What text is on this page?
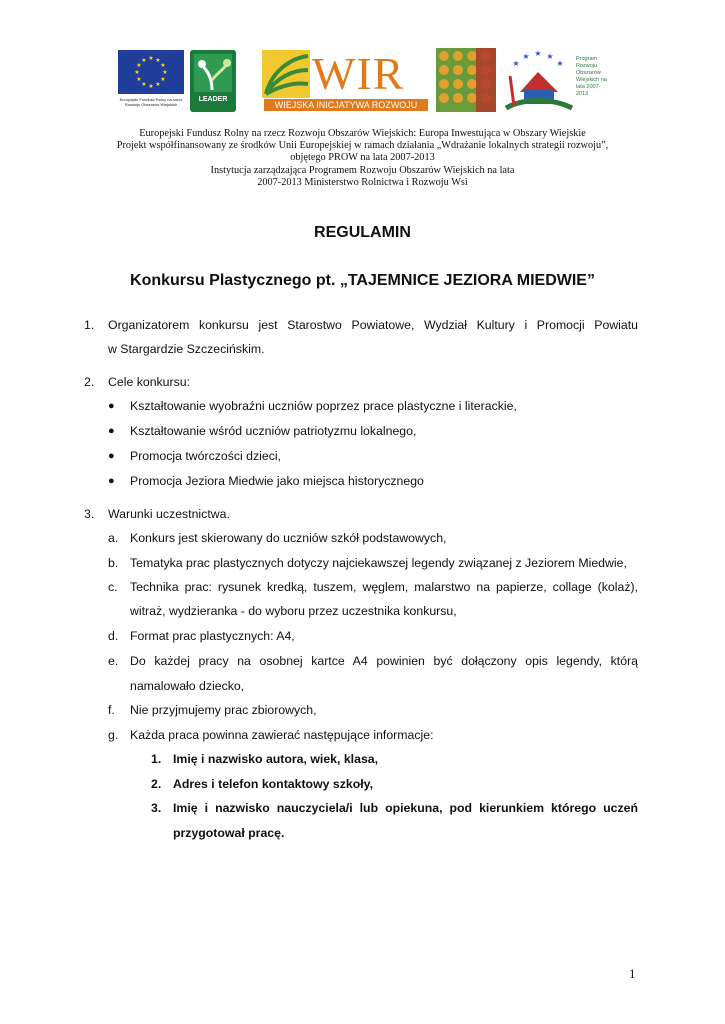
★ ★
★
★
★
★
★
★
★
★
★
★
Europejski Fundusz Rolny na rzecz Rozwoju Obszarów Wiejskich
LEADER
WIR
WIEJSKA INICJATYWA ROZWOJU
★ ★
★
★
★	Program Rozwoju Obszarów Wiejskich na lata 2007-2013
Europejski Fundusz Rolny na rzecz Rozwoju Obszarów Wiejskich: Europa Inwestująca w Obszary Wiejskie
Projekt współfinansowany ze środków Unii Europejskiej w ramach działania „Wdrażanie lokalnych strategii rozwoju”,
objętego PROW na lata 2007-2013
Instytucja zarządzająca Programem Rozwoju Obszarów Wiejskich na lata
2007-2013 Ministerstwo Rolnictwa i Rozwoju Wsi
REGULAMIN
Konkursu Plastycznego pt. „TAJEMNICE JEZIORA MIEDWIE”
1. Organizatorem konkursu jest Starostwo Powiatowe, Wydział Kultury i Promocji Powiatu
w Stargardzie Szczecińskim.
2. Cele konkursu:
● Kształtowanie wyobraźni uczniów poprzez prace plastyczne i literackie,
● Kształtowanie wśród uczniów patriotyzmu lokalnego,
● Promocja twórczości dzieci,
● Promocja Jeziora Miedwie jako miejsca historycznego
3. Warunki uczestnictwa.
a. Konkurs jest skierowany do uczniów szkół podstawowych,
b. Tematyka prac plastycznych dotyczy najciekawszej legendy związanej z Jeziorem Miedwie,
c. Technika prac: rysunek kredką, tuszem, węglem, malarstwo na papierze, collage (kolaż),
witraż, wydzieranka - do wyboru przez uczestnika konkursu,
d. Format prac plastycznych: A4,
e. Do każdej pracy na osobnej kartce A4 powinien być dołączony opis legendy, którą
namalowało dziecko,
f. Nie przyjmujemy prac zbiorowych,
g. Każda praca powinna zawierać następujące informacje:
1. Imię i nazwisko autora, wiek, klasa,
2. Adres i telefon kontaktowy szkoły,
3. Imię i nazwisko nauczyciela/i lub opiekuna, pod kierunkiem którego uczeń
przygotował pracę.
1
